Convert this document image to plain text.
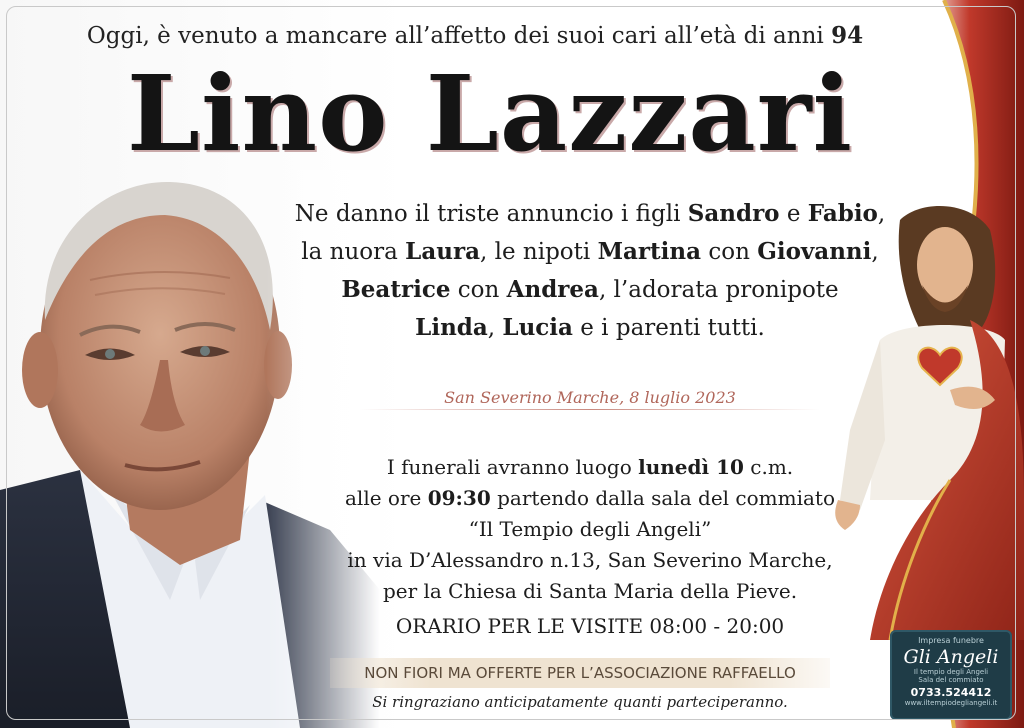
Oggi, è venuto a mancare all’affetto dei suoi cari all’età di anni 94
Lino Lazzari
Ne danno il triste annuncio i figli Sandro e Fabio,
la nuora Laura, le nipoti Martina con Giovanni,
Beatrice con Andrea, l’adorata pronipote
Linda, Lucia e i parenti tutti.
San Severino Marche, 8 luglio 2023
I funerali avranno luogo lunedì 10 c.m.
alle ore 09:30 partendo dalla sala del commiato
“Il Tempio degli Angeli”
in via D’Alessandro n.13, San Severino Marche,
per la Chiesa di Santa Maria della Pieve.
ORARIO PER LE VISITE 08:00 - 20:00
NON FIORI MA OFFERTE PER L’ASSOCIAZIONE RAFFAELLO
Si ringraziano anticipatamente quanti parteciperanno.
Impresa funebre
Gli Angeli
Il tempio degli Angeli
Sala del commiato
0733.524412
www.iltempiodegliangeli.it
